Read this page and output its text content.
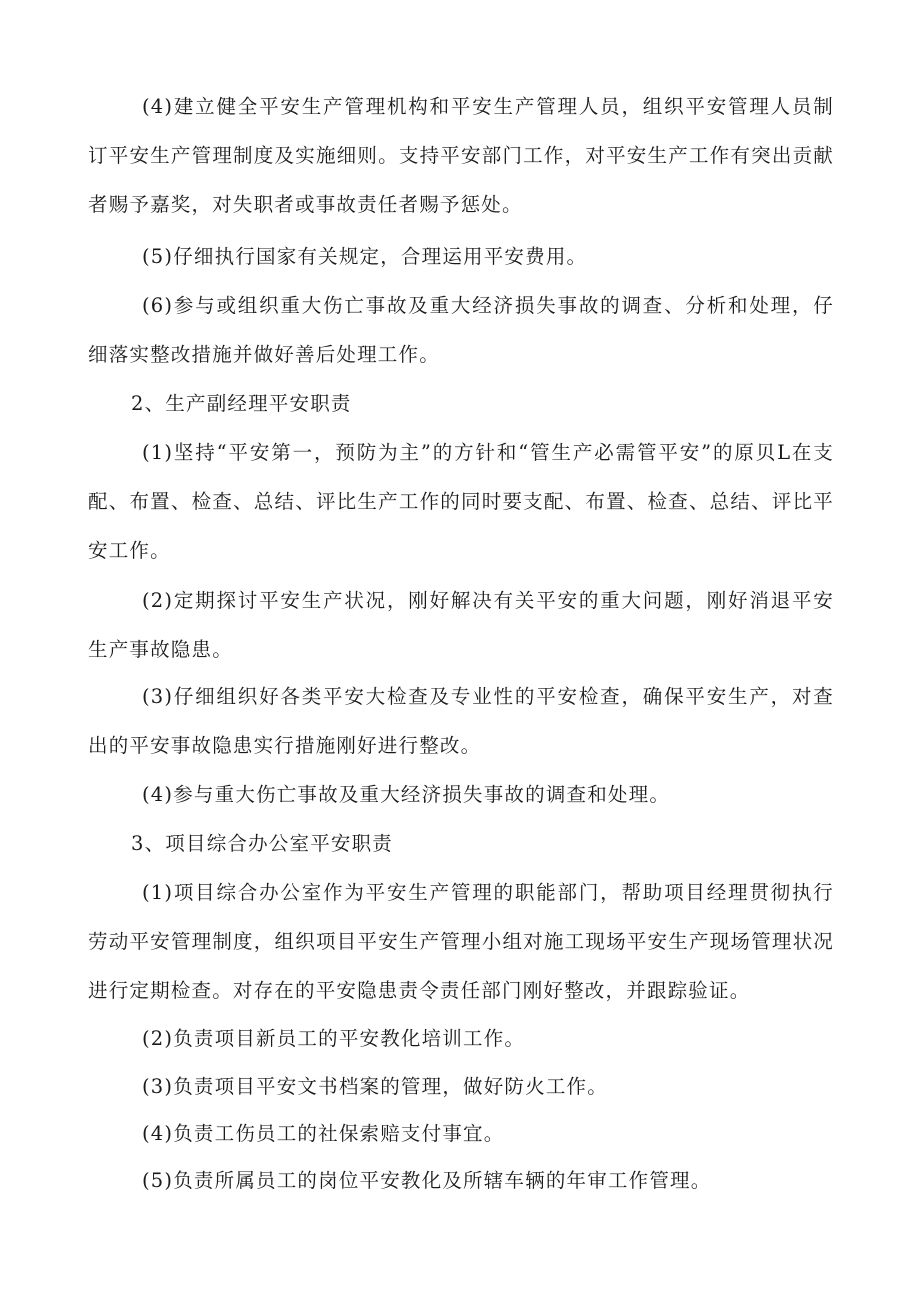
(4)建立健全平安生产管理机构和平安生产管理人员，组织平安管理人员制订平安生产管理制度及实施细则。支持平安部门工作，对平安生产工作有突出贡献者赐予嘉奖，对失职者或事故责任者赐予惩处。

(5)仔细执行国家有关规定，合理运用平安费用。

(6)参与或组织重大伤亡事故及重大经济损失事故的调查、分析和处理，仔细落实整改措施并做好善后处理工作。

2、生产副经理平安职责

(1)坚持“平安第一，预防为主”的方针和“管生产必需管平安”的原贝L在支配、布置、检查、总结、评比生产工作的同时要支配、布置、检查、总结、评比平安工作。

(2)定期探讨平安生产状况，刚好解决有关平安的重大问题，刚好消退平安生产事故隐患。

(3)仔细组织好各类平安大检查及专业性的平安检查，确保平安生产，对查出的平安事故隐患实行措施刚好进行整改。

(4)参与重大伤亡事故及重大经济损失事故的调查和处理。

3、项目综合办公室平安职责

(1)项目综合办公室作为平安生产管理的职能部门，帮助项目经理贯彻执行劳动平安管理制度，组织项目平安生产管理小组对施工现场平安生产现场管理状况进行定期检查。对存在的平安隐患责令责任部门刚好整改，并跟踪验证。

(2)负责项目新员工的平安教化培训工作。

(3)负责项目平安文书档案的管理，做好防火工作。

(4)负责工伤员工的社保索赔支付事宜。

(5)负责所属员工的岗位平安教化及所辖车辆的年审工作管理。
